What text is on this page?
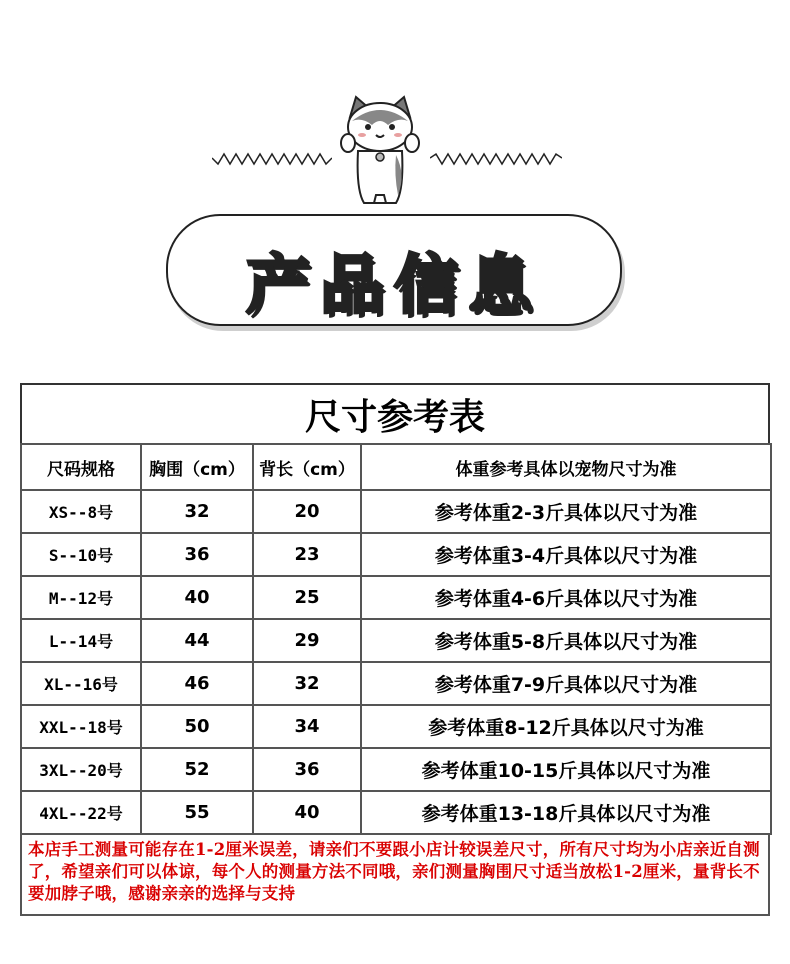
产品信息
尺寸参考表
尺码规格	胸围（cm）	背长（cm）	体重参考具体以宠物尺寸为准
XS--8号	32	20	参考体重2-3斤具体以尺寸为准
S--10号	36	23	参考体重3-4斤具体以尺寸为准
M--12号	40	25	参考体重4-6斤具体以尺寸为准
L--14号	44	29	参考体重5-8斤具体以尺寸为准
XL--16号	46	32	参考体重7-9斤具体以尺寸为准
XXL--18号	50	34	参考体重8-12斤具体以尺寸为准
3XL--20号	52	36	参考体重10-15斤具体以尺寸为准
4XL--22号	55	40	参考体重13-18斤具体以尺寸为准
本店手工测量可能存在1-2厘米误差，请亲们不要跟小店计较误差尺寸，所有尺寸均为小店亲近自测了，希望亲们可以体谅，每个人的测量方法不同哦，亲们测量胸围尺寸适当放松1-2厘米，量背长不要加脖子哦，感谢亲亲的选择与支持
